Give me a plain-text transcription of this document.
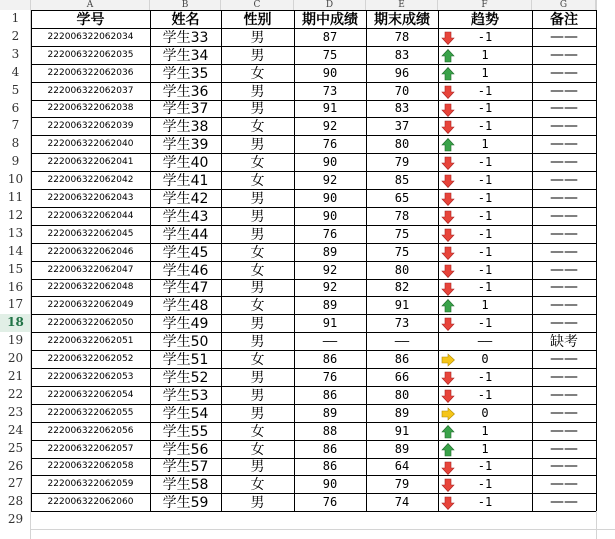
A	B	C	D	E	F	G
1
2
3
4
5
6
7
8
9
10
11
12
13
14
15
16
17
18
19
20
21
22
23
24
25
26
27
28
29
学号	姓名	性别	期中成绩	期末成绩	趋势	备注
222006322062034	学生33	男	87	78	-1	——
222006322062035	学生34	男	75	83	1	——
222006322062036	学生35	女	90	96	1	——
222006322062037	学生36	男	73	70	-1	——
222006322062038	学生37	男	91	83	-1	——
222006322062039	学生38	女	92	37	-1	——
222006322062040	学生39	男	76	80	1	——
222006322062041	学生40	女	90	79	-1	——
222006322062042	学生41	女	92	85	-1	——
222006322062043	学生42	男	90	65	-1	——
222006322062044	学生43	男	90	78	-1	——
222006322062045	学生44	男	76	75	-1	——
222006322062046	学生45	女	89	75	-1	——
222006322062047	学生46	女	92	80	-1	——
222006322062048	学生47	男	92	82	-1	——
222006322062049	学生48	女	89	91	1	——
222006322062050	学生49	男	91	73	-1	——
222006322062051	学生50	男	——	——	——	缺考
222006322062052	学生51	女	86	86	0	——
222006322062053	学生52	男	76	66	-1	——
222006322062054	学生53	男	86	80	-1	——
222006322062055	学生54	男	89	89	0	——
222006322062056	学生55	女	88	91	1	——
222006322062057	学生56	女	86	89	1	——
222006322062058	学生57	男	86	64	-1	——
222006322062059	学生58	女	90	79	-1	——
222006322062060	学生59	男	76	74	-1	——
